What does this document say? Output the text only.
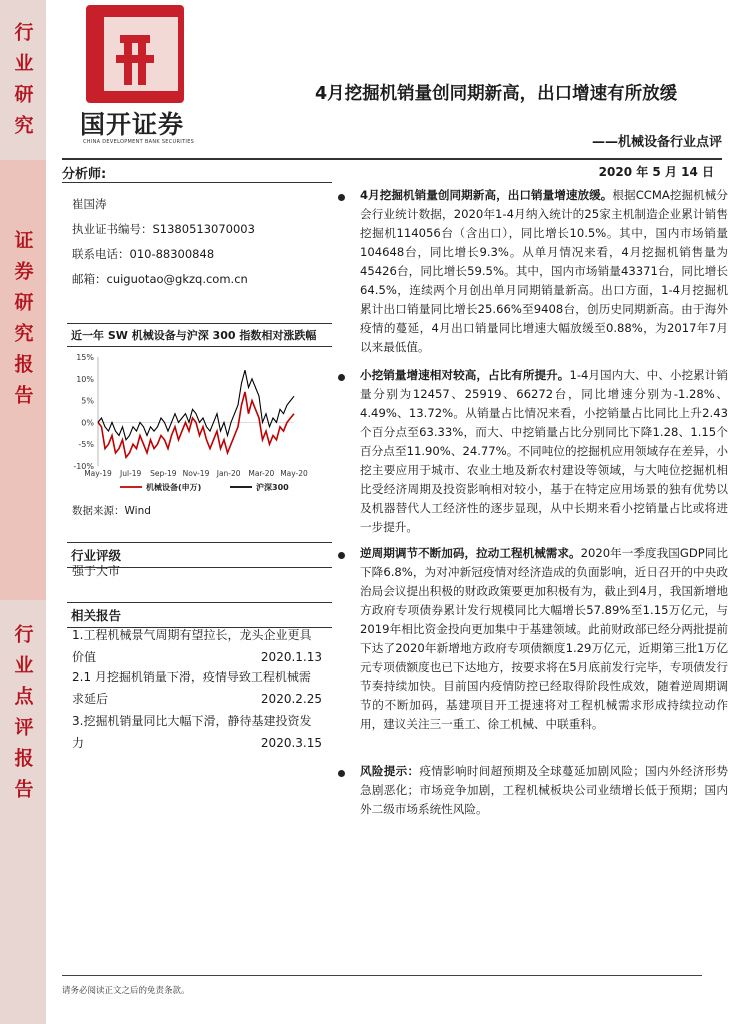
行业研究
证券研究报告
行业点评报告
国开证券
CHINA DEVELOPMENT BANK SECURITIES
4月挖掘机销量创同期新高，出口增速有所放缓
——机械设备行业点评
分析师:	2020 年 5 月 14 日
崔国涛
执业证书编号：S1380513070003
联系电话：010-88300848
邮箱：cuiguotao@gkzq.com.cn
近一年 SW 机械设备与沪深 300 指数相对涨跌幅
15%
10%
5%
0%
-5%
-10%
May-19 Jul-19 Sep-19 Nov-19 Jan-20 Mar-20 May-20
机械设备(申万)	沪深300
数据来源：Wind
行业评级
强于大市
相关报告
1.工程机械景气周期有望拉长，龙头企业更具价值	2020.1.13
2.1 月挖掘机销量下滑，疫情导致工程机械需求延后	2020.2.25
3.挖掘机销量同比大幅下滑，静待基建投资发力	2020.3.15
4月挖掘机销量创同期新高，出口销量增速放缓。根据CCMA挖掘机械分会行业统计数据，2020年1-4月纳入统计的25家主机制造企业累计销售挖掘机114056台（含出口），同比增长10.5%。其中，国内市场销量104648台，同比增长9.3%。从单月情况来看，4月挖掘机销售量为45426台，同比增长59.5%。其中，国内市场销量43371台，同比增长64.5%，连续两个月创出单月同期销量新高。出口方面，1-4月挖掘机累计出口销量同比增长25.66%至9408台，创历史同期新高。由于海外疫情的蔓延，4月出口销量同比增速大幅放缓至0.88%，为2017年7月以来最低值。
小挖销量增速相对较高，占比有所提升。1-4月国内大、中、小挖累计销量分别为12457、25919、66272台，同比增速分别为-1.28%、4.49%、13.72%。从销量占比情况来看，小挖销量占比同比上升2.43个百分点至63.33%，而大、中挖销量占比分别同比下降1.28、1.15个百分点至11.90%、24.77%。不同吨位的挖掘机应用领域存在差异，小挖主要应用于城市、农业土地及新农村建设等领域，与大吨位挖掘机相比受经济周期及投资影响相对较小，基于在特定应用场景的独有优势以及机器替代人工经济性的逐步显现，从中长期来看小挖销量占比或将进一步提升。
逆周期调节不断加码，拉动工程机械需求。2020年一季度我国GDP同比下降6.8%，为对冲新冠疫情对经济造成的负面影响，近日召开的中央政治局会议提出积极的财政政策要更加积极有为，截止到4月，我国新增地方政府专项债券累计发行规模同比大幅增长57.89%至1.15万亿元，与2019年相比资金投向更加集中于基建领域。此前财政部已经分两批提前下达了2020年新增地方政府专项债额度1.29万亿元，近期第三批1万亿元专项债额度也已下达地方，按要求将在5月底前发行完毕，专项债发行节奏持续加快。目前国内疫情防控已经取得阶段性成效，随着逆周期调节的不断加码，基建项目开工提速将对工程机械需求形成持续拉动作用，建议关注三一重工、徐工机械、中联重科。
风险提示：疫情影响时间超预期及全球蔓延加剧风险；国内外经济形势急剧恶化；市场竞争加剧，工程机械板块公司业绩增长低于预期；国内外二级市场系统性风险。
请务必阅读正文之后的免责条款。
